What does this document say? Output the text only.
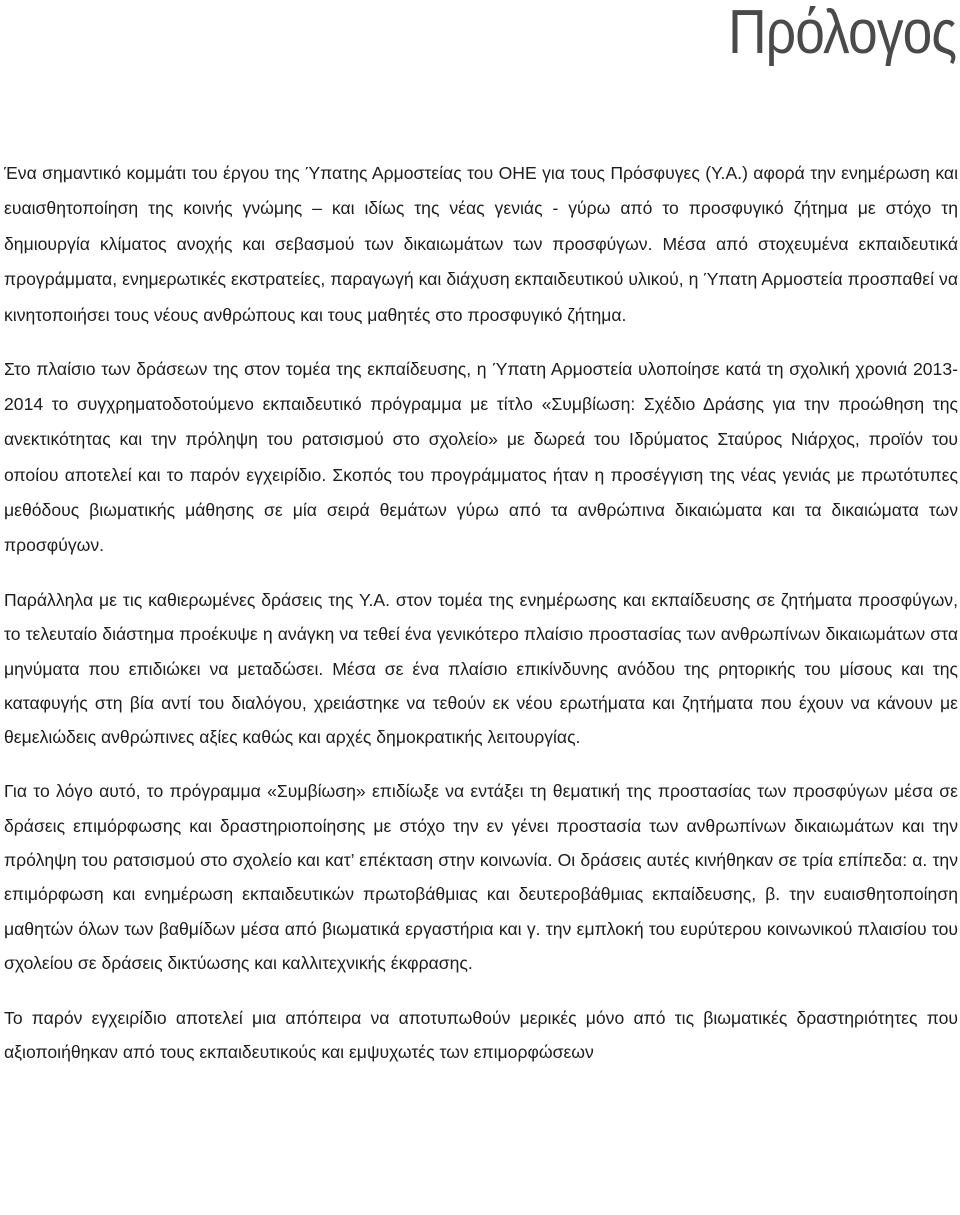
Πρόλογος

Ένα σημαντικό κομμάτι του έργου της Ύπατης Αρμοστείας του ΟΗΕ για τους Πρόσφυγες (Υ.Α.) αφορά την ενημέρωση και ευαισθητοποίηση της κοινής γνώμης – και ιδίως της νέας γενιάς - γύρω από το προσφυγικό ζήτημα με στόχο τη δημιουργία κλίματος ανοχής και σεβασμού των δικαιωμάτων των προσφύγων. Μέσα από στοχευμένα εκπαιδευτικά προγράμματα, ενημερωτικές εκστρατείες, παραγωγή και διάχυση εκπαιδευτικού υλικού, η Ύπατη Αρμοστεία προσπαθεί να κινητοποιήσει τους νέους ανθρώπους και τους μαθητές στο προσφυγικό ζήτημα.

Στο πλαίσιο των δράσεων της στον τομέα της εκπαίδευσης, η Ύπατη Αρμοστεία υλοποίησε κατά τη σχολική χρονιά 2013-2014 το συγχρηματοδοτούμενο εκπαιδευτικό πρόγραμμα με τίτλο «Συμβίωση: Σχέδιο Δράσης για την προώθηση της ανεκτικότητας και την πρόληψη του ρατσισμού στο σχολείο» με δωρεά του Ιδρύματος Σταύρος Νιάρχος, προϊόν του οποίου αποτελεί και το παρόν εγχειρίδιο. Σκοπός του προγράμματος ήταν η προσέγγιση της νέας γενιάς με πρωτότυπες μεθόδους βιωματικής μάθησης σε μία σειρά θεμάτων γύρω από τα ανθρώπινα δικαιώματα και τα δικαιώματα των προσφύγων.

Παράλληλα με τις καθιερωμένες δράσεις της Υ.Α. στον τομέα της ενημέρωσης και εκπαίδευσης σε ζητήματα προσφύγων, το τελευταίο διάστημα προέκυψε η ανάγκη να τεθεί ένα γενικότερο πλαίσιο προστασίας των ανθρωπίνων δικαιωμάτων στα μηνύματα που επιδιώκει να μεταδώσει. Μέσα σε ένα πλαίσιο επικίνδυνης ανόδου της ρητορικής του μίσους και της καταφυγής στη βία αντί του διαλόγου, χρειάστηκε να τεθούν εκ νέου ερωτήματα και ζητήματα που έχουν να κάνουν με θεμελιώδεις ανθρώπινες αξίες καθώς και αρχές δημοκρατικής λειτουργίας.

Για το λόγο αυτό, το πρόγραμμα «Συμβίωση» επιδίωξε να εντάξει τη θεματική της προστασίας των προσφύγων μέσα σε δράσεις επιμόρφωσης και δραστηριοποίησης με στόχο την εν γένει προστασία των ανθρωπίνων δικαιωμάτων και την πρόληψη του ρατσισμού στο σχολείο και κατ’ επέκταση στην κοινωνία. Οι δράσεις αυτές κινήθηκαν σε τρία επίπεδα: α. την επιμόρφωση και ενημέρωση εκπαιδευτικών πρωτοβάθμιας και δευτεροβάθμιας εκπαίδευσης, β. την ευαισθητοποίηση μαθητών όλων των βαθμίδων μέσα από βιωματικά εργαστήρια και γ. την εμπλοκή του ευρύτερου κοινωνικού πλαισίου του σχολείου σε δράσεις δικτύωσης και καλλιτεχνικής έκφρασης.

Το παρόν εγχειρίδιο αποτελεί μια απόπειρα να αποτυπωθούν μερικές μόνο από τις βιωματικές δραστηριότητες που αξιοποιήθηκαν από τους εκπαιδευτικούς και εμψυχωτές των επιμορφώσεων
